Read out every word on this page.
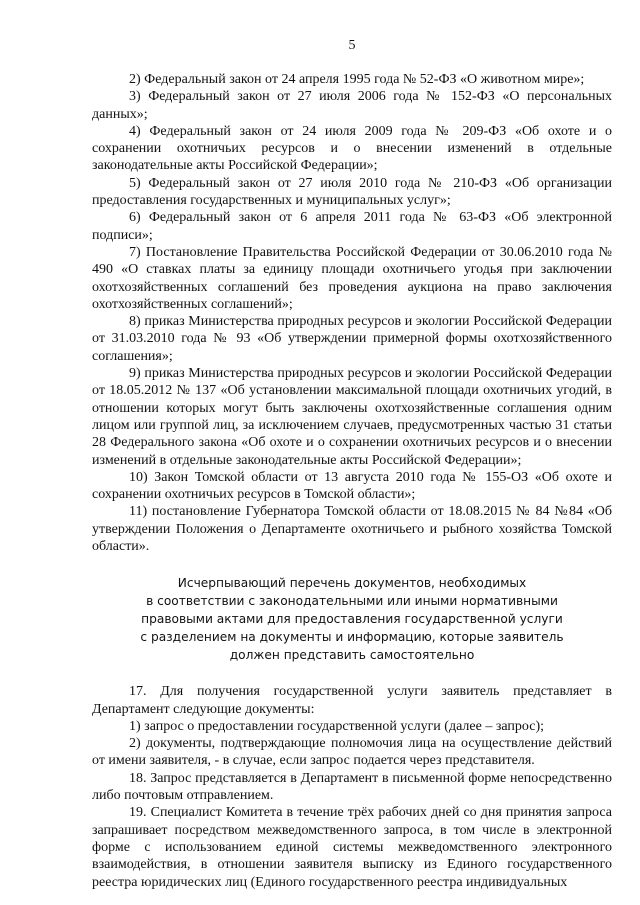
5

2) Федеральный закон от 24 апреля 1995 года № 52-ФЗ «О животном мире»;

3) Федеральный закон от 27 июля 2006 года № 152-ФЗ «О персональных данных»;

4) Федеральный закон от 24 июля 2009 года № 209-ФЗ «Об охоте и о сохранении охотничьих ресурсов и о внесении изменений в отдельные законодательные акты Российской Федерации»;

5) Федеральный закон от 27 июля 2010 года № 210-ФЗ «Об организации предоставления государственных и муниципальных услуг»;

6) Федеральный закон от 6 апреля 2011 года № 63-ФЗ «Об электронной подписи»;

7) Постановление Правительства Российской Федерации от 30.06.2010 года № 490 «О ставках платы за единицу площади охотничьего угодья при заключении охотхозяйственных соглашений без проведения аукциона на право заключения охотхозяйственных соглашений»;

8) приказ Министерства природных ресурсов и экологии Российской Федерации от 31.03.2010 года № 93 «Об утверждении примерной формы охотхозяйственного соглашения»;

9) приказ Министерства природных ресурсов и экологии Российской Федерации от 18.05.2012 № 137 «Об установлении максимальной площади охотничьих угодий, в отношении которых могут быть заключены охотхозяйственные соглашения одним лицом или группой лиц, за исключением случаев, предусмотренных частью 31 статьи 28 Федерального закона «Об охоте и о сохранении охотничьих ресурсов и о внесении изменений в отдельные законодательные акты Российской Федерации»;

10) Закон Томской области от 13 августа 2010 года № 155-ОЗ «Об охоте и сохранении охотничьих ресурсов в Томской области»;

11) постановление Губернатора Томской области от 18.08.2015 № 84 №84 «Об утверждении Положения о Департаменте охотничьего и рыбного хозяйства Томской области».

Исчерпывающий перечень документов, необходимых
в соответствии с законодательными или иными нормативными
правовыми актами для предоставления государственной услуги
с разделением на документы и информацию, которые заявитель
должен представить самостоятельно

17. Для получения государственной услуги заявитель представляет в Департамент следующие документы:

1) запрос о предоставлении государственной услуги (далее – запрос);

2) документы, подтверждающие полномочия лица на осуществление действий от имени заявителя, - в случае, если запрос подается через представителя.

18. Запрос представляется в Департамент в письменной форме непосредственно либо почтовым отправлением.

19. Специалист Комитета в течение трёх рабочих дней со дня принятия запроса запрашивает посредством межведомственного запроса, в том числе в электронной форме с использованием единой системы межведомственного электронного взаимодействия, в отношении заявителя выписку из Единого государственного реестра юридических лиц (Единого государственного реестра индивидуальных
